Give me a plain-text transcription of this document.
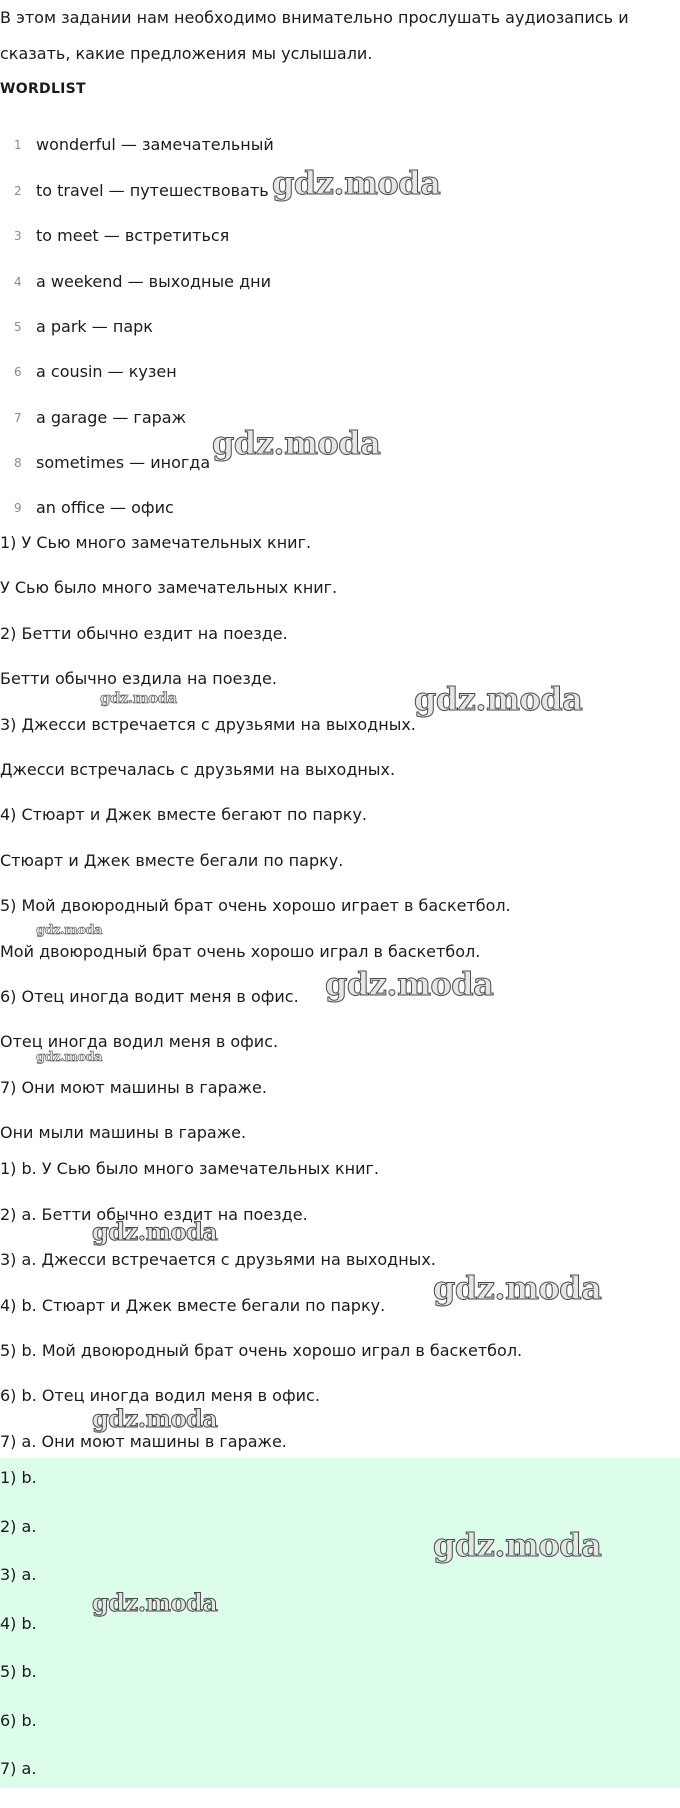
В этом задании нам необходимо внимательно прослушать аудиозапись и
сказать, какие предложения мы услышали.
WORDLIST
1 wonderful — замечательный
2 to travel — путешествовать
3 to meet — встретиться
4 a weekend — выходные дни
5 a park — парк
6 a cousin — кузен
7 a garage — гараж
8 sometimes — иногда
9 an office — офис
1) У Сью много замечательных книг.
У Сью было много замечательных книг.
2) Бетти обычно ездит на поезде.
Бетти обычно ездила на поезде.
3) Джесси встречается с друзьями на выходных.
Джесси встречалась с друзьями на выходных.
4) Стюарт и Джек вместе бегают по парку.
Стюарт и Джек вместе бегали по парку.
5) Мой двоюродный брат очень хорошо играет в баскетбол.
Мой двоюродный брат очень хорошо играл в баскетбол.
6) Отец иногда водит меня в офис.
Отец иногда водил меня в офис.
7) Они моют машины в гараже.
Они мыли машины в гараже.
1) b. У Сью было много замечательных книг.
2) a. Бетти обычно ездит на поезде.
3) a. Джесси встречается с друзьями на выходных.
4) b. Стюарт и Джек вместе бегали по парку.
5) b. Мой двоюродный брат очень хорошо играл в баскетбол.
6) b. Отец иногда водил меня в офис.
7) a. Они моют машины в гараже.
1) b.
2) a.
3) a.
4) b.
5) b.
6) b.
7) a.
gdz.moda
gdz.moda
gdz.moda	gdz.moda
gdz.moda
gdz.moda
gdz.moda
gdz.moda
gdz.moda
gdz.moda
gdz.moda
gdz.moda
